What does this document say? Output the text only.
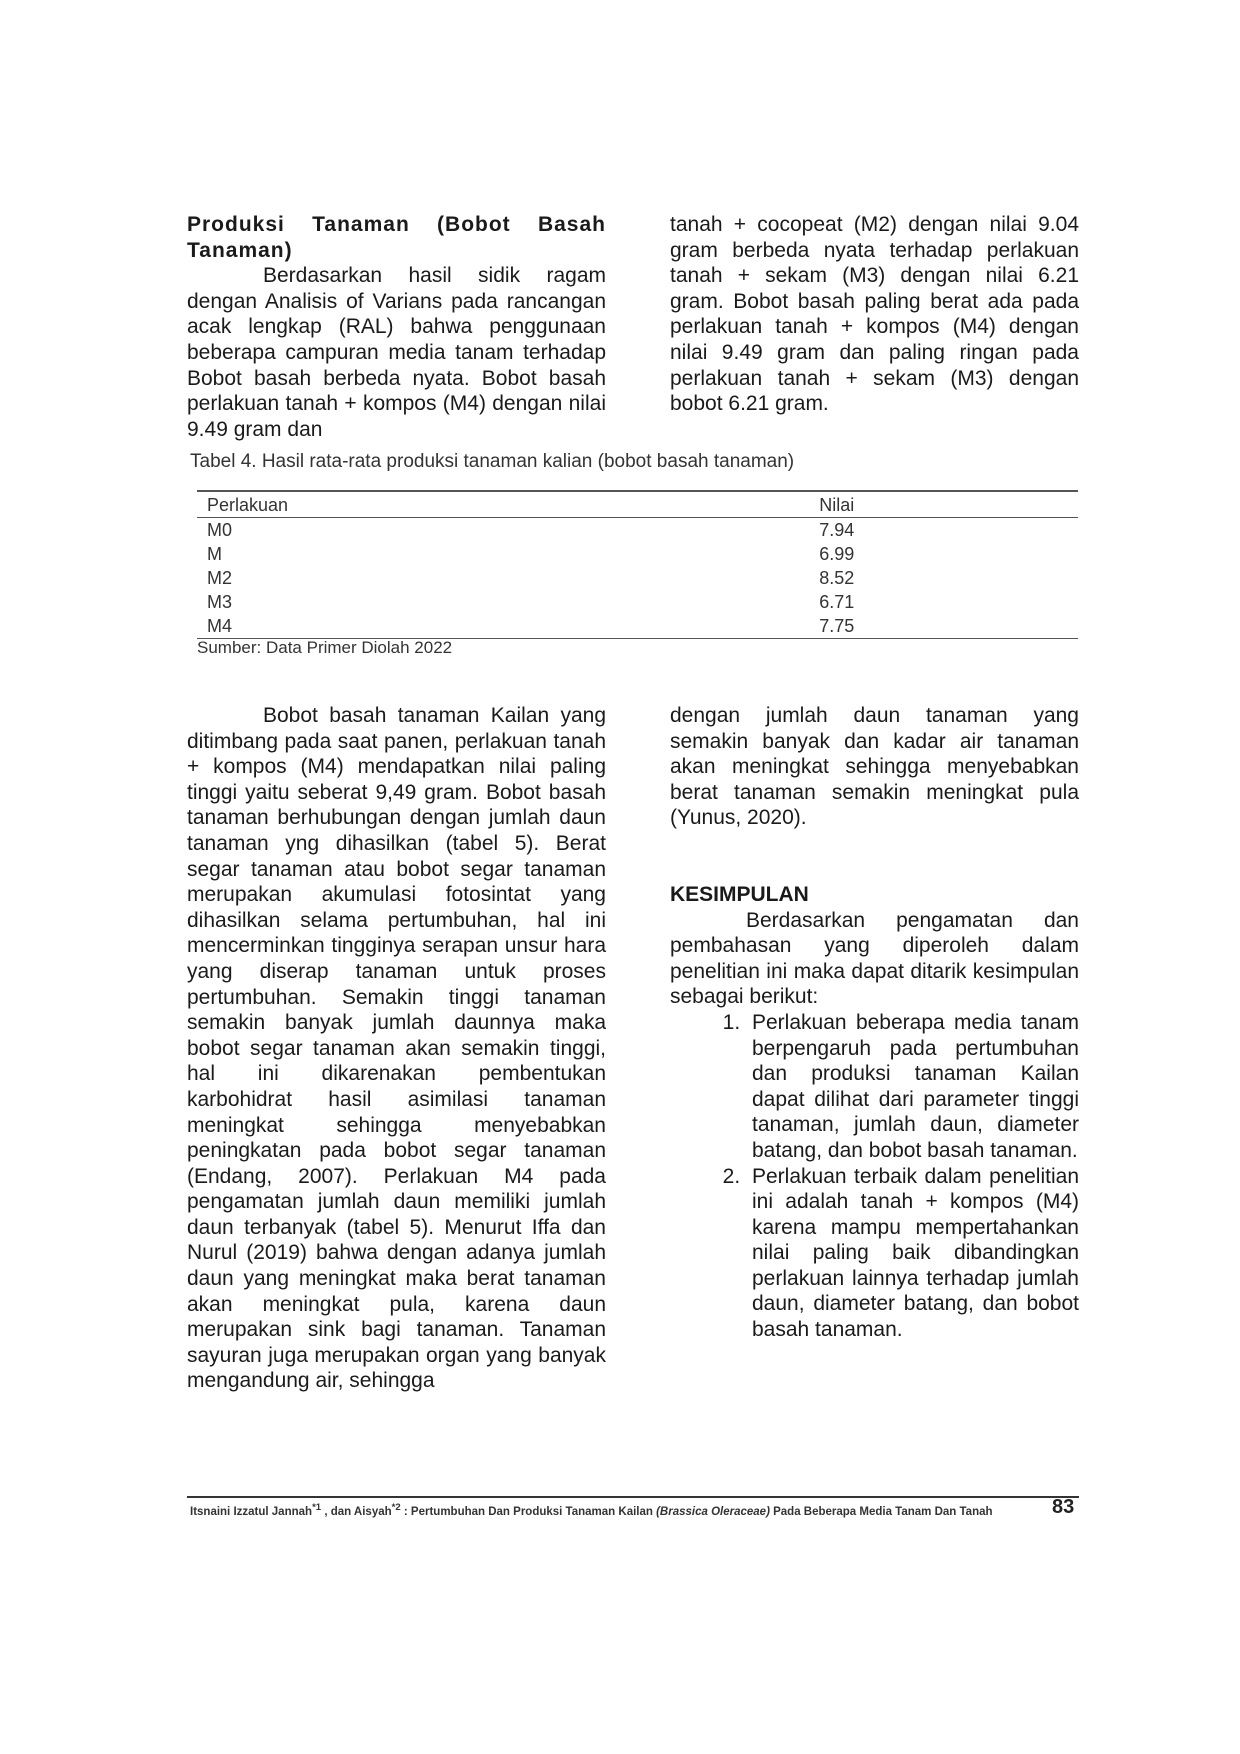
Produksi Tanaman (Bobot Basah Tanaman)

Berdasarkan hasil sidik ragam dengan Analisis of Varians pada rancangan acak lengkap (RAL) bahwa penggunaan beberapa campuran media tanam terhadap Bobot basah berbeda nyata. Bobot basah perlakuan tanah + kompos (M4) dengan nilai 9.49 gram dan

tanah + cocopeat (M2) dengan nilai 9.04 gram berbeda nyata terhadap perlakuan tanah + sekam (M3) dengan nilai 6.21 gram. Bobot basah paling berat ada pada perlakuan tanah + kompos (M4) dengan nilai 9.49 gram dan paling ringan pada perlakuan tanah + sekam (M3) dengan bobot 6.21 gram.

Tabel 4. Hasil rata-rata produksi tanaman kalian (bobot basah tanaman)
Perlakuan	Nilai
M0	7.94
M	6.99
M2	8.52
M3	6.71
M4	7.75
Sumber: Data Primer Diolah 2022

Bobot basah tanaman Kailan yang ditimbang pada saat panen, perlakuan tanah + kompos (M4) mendapatkan nilai paling tinggi yaitu seberat 9,49 gram. Bobot basah tanaman berhubungan dengan jumlah daun tanaman yng dihasilkan (tabel 5). Berat segar tanaman atau bobot segar tanaman merupakan akumulasi fotosintat yang dihasilkan selama pertumbuhan, hal ini mencerminkan tingginya serapan unsur hara yang diserap tanaman untuk proses pertumbuhan. Semakin tinggi tanaman semakin banyak jumlah daunnya maka bobot segar tanaman akan semakin tinggi, hal ini dikarenakan pembentukan karbohidrat hasil asimilasi tanaman meningkat sehingga menyebabkan peningkatan pada bobot segar tanaman (Endang, 2007). Perlakuan M4 pada pengamatan jumlah daun memiliki jumlah daun terbanyak (tabel 5). Menurut Iffa dan Nurul (2019) bahwa dengan adanya jumlah daun yang meningkat maka berat tanaman akan meningkat pula, karena daun merupakan sink bagi tanaman. Tanaman sayuran juga merupakan organ yang banyak mengandung air, sehingga

dengan jumlah daun tanaman yang semakin banyak dan kadar air tanaman akan meningkat sehingga menyebabkan berat tanaman semakin meningkat pula (Yunus, 2020).

KESIMPULAN

Berdasarkan pengamatan dan pembahasan yang diperoleh dalam penelitian ini maka dapat ditarik kesimpulan sebagai berikut:

1. Perlakuan beberapa media tanam berpengaruh pada pertumbuhan dan produksi tanaman Kailan dapat dilihat dari parameter tinggi tanaman, jumlah daun, diameter batang, dan bobot basah tanaman.
2. Perlakuan terbaik dalam penelitian ini adalah tanah + kompos (M4) karena mampu mempertahankan nilai paling baik dibandingkan perlakuan lainnya terhadap jumlah daun, diameter batang, dan bobot basah tanaman.
Itsnaini Izzatul Jannah$^{*1}$ , dan Aisyah$^{*2}$ : Pertumbuhan Dan Produksi Tanaman Kailan (Brassica Oleraceae) Pada Beberapa Media Tanam Dan Tanah	83
